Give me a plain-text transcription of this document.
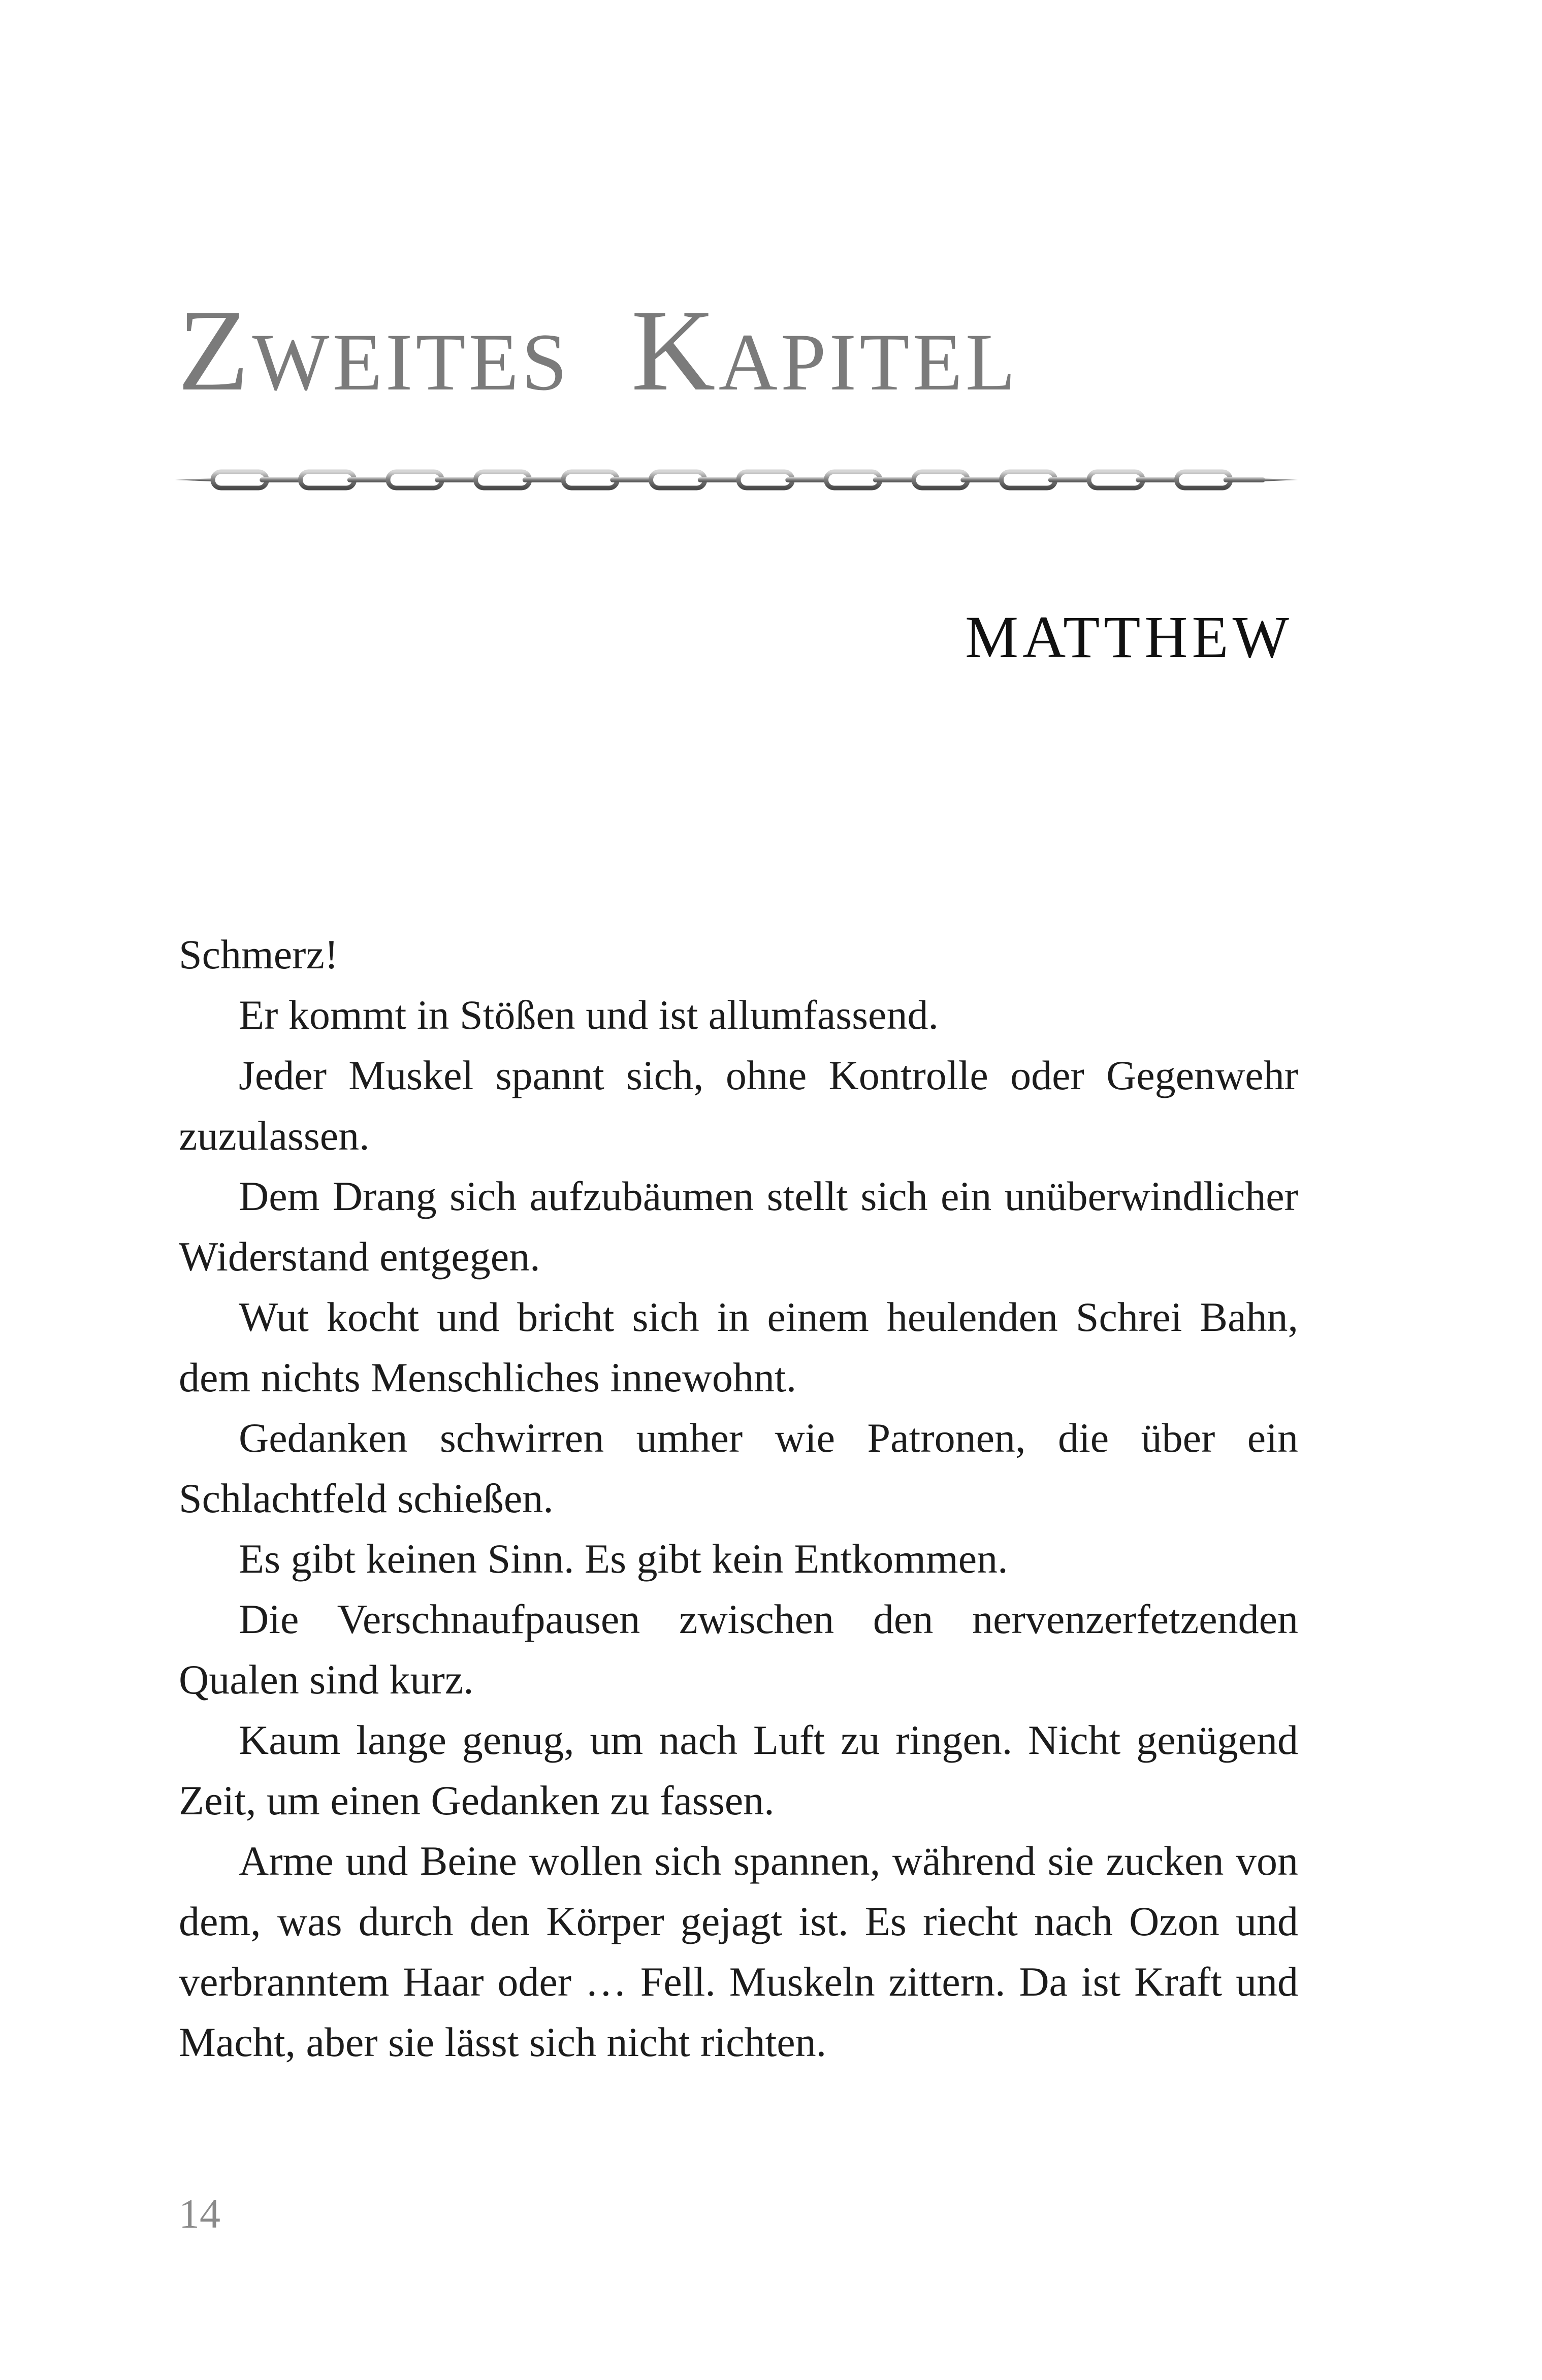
Zweites Kapitel
MATTHEW

Schmerz!

Er kommt in Stößen und ist allumfassend.

Jeder Muskel spannt sich, ohne Kontrolle oder Gegenwehr zuzulassen.

Dem Drang sich aufzubäumen stellt sich ein unüberwindlicher Widerstand entgegen.

Wut kocht und bricht sich in einem heulenden Schrei Bahn, dem nichts Menschliches innewohnt.

Gedanken schwirren umher wie Patronen, die über ein Schlachtfeld schießen.

Es gibt keinen Sinn. Es gibt kein Entkommen.

Die Verschnaufpausen zwischen den nervenzerfetzenden Qualen sind kurz.

Kaum lange genug, um nach Luft zu ringen. Nicht genügend Zeit, um einen Gedanken zu fassen.

Arme und Beine wollen sich spannen, während sie zucken von dem, was durch den Körper gejagt ist. Es riecht nach Ozon und verbranntem Haar oder … Fell. Muskeln zittern. Da ist Kraft und Macht, aber sie lässt sich nicht richten.

14
